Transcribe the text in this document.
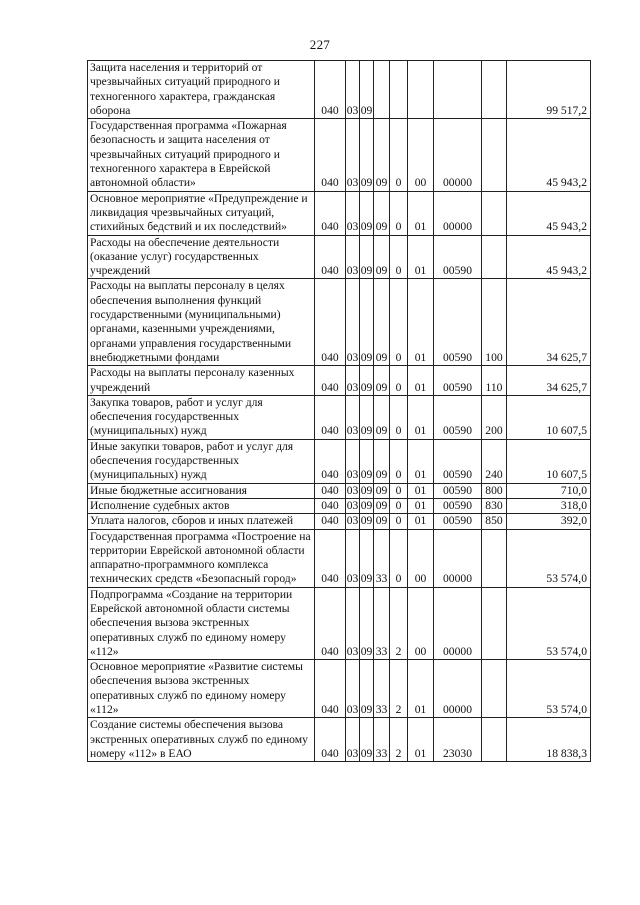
227
Защита населения и территорий от чрезвычайных ситуаций природного и техногенного характера, гражданская оборона	040	03	09						99 517,2
Государственная программа «Пожарная безопасность и защита населения от чрезвычайных ситуаций природного и техногенного характера в Еврейской автономной области»	040	03	09	09	0	00	00000		45 943,2
Основное мероприятие «Предупреждение и ликвидация чрезвычайных ситуаций, стихийных бедствий и их последствий»	040	03	09	09	0	01	00000		45 943,2
Расходы на обеспечение деятельности (оказание услуг) государственных учреждений	040	03	09	09	0	01	00590		45 943,2
Расходы на выплаты персоналу в целях обеспечения выполнения функций государственными (муниципальными) органами, казенными учреждениями, органами управления государственными внебюджетными фондами	040	03	09	09	0	01	00590	100	34 625,7
Расходы на выплаты персоналу казенных учреждений	040	03	09	09	0	01	00590	110	34 625,7
Закупка товаров, работ и услуг для обеспечения государственных (муниципальных) нужд	040	03	09	09	0	01	00590	200	10 607,5
Иные закупки товаров, работ и услуг для обеспечения государственных (муниципальных) нужд	040	03	09	09	0	01	00590	240	10 607,5
Иные бюджетные ассигнования	040	03	09	09	0	01	00590	800	710,0
Исполнение судебных актов	040	03	09	09	0	01	00590	830	318,0
Уплата налогов, сборов и иных платежей	040	03	09	09	0	01	00590	850	392,0
Государственная программа «Построение на территории Еврейской автономной области аппаратно-программного комплекса технических средств «Безопасный город»	040	03	09	33	0	00	00000		53 574,0
Подпрограмма «Создание на территории Еврейской автономной области системы обеспечения вызова экстренных оперативных служб по единому номеру «112»	040	03	09	33	2	00	00000		53 574,0
Основное мероприятие «Развитие системы обеспечения вызова экстренных оперативных служб по единому номеру «112»	040	03	09	33	2	01	00000		53 574,0
Создание системы обеспечения вызова экстренных оперативных служб по единому номеру «112» в ЕАО	040	03	09	33	2	01	23030		18 838,3
